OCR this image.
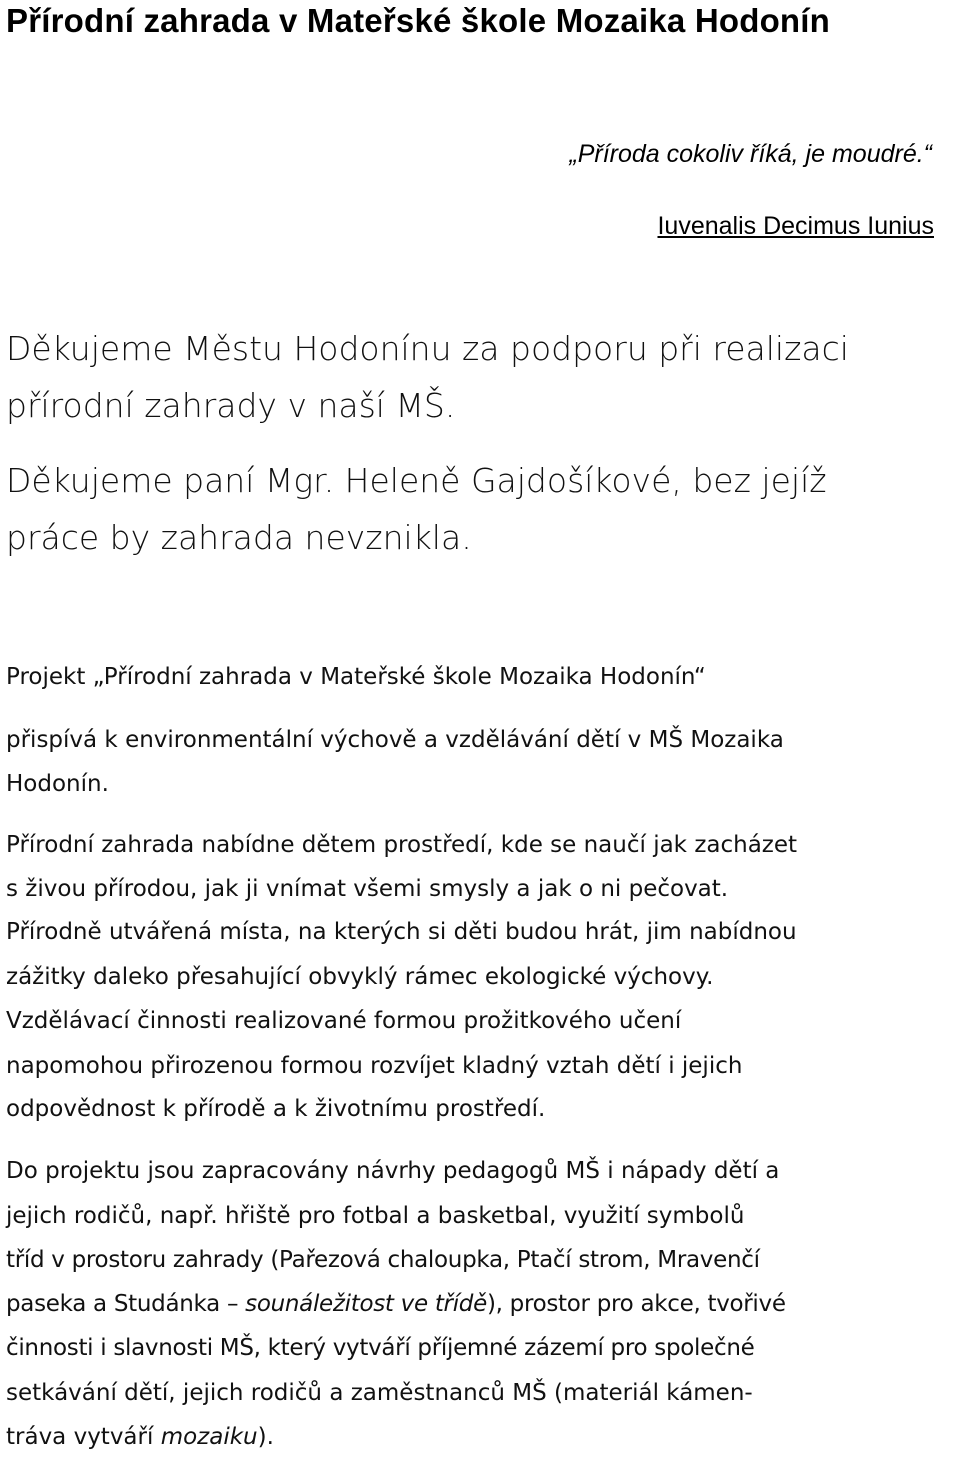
Přírodní zahrada v Mateřské škole Mozaika Hodonín

„Příroda cokoliv říká, je moudré.“

Iuvenalis Decimus Iunius

Děkujeme Městu Hodonínu za podporu při realizaci

přírodní zahrady v naší MŠ.

Děkujeme paní Mgr. Heleně Gajdošíkové, bez jejíž

práce by zahrada nevznikla.

Projekt „Přírodní zahrada v Mateřské škole Mozaika Hodonín“

přispívá k environmentální výchově a vzdělávání dětí v MŠ Mozaika

Hodonín.

Přírodní zahrada nabídne dětem prostředí, kde se naučí jak zacházet

s živou přírodou, jak ji vnímat všemi smysly a jak o ni pečovat.

Přírodně utvářená místa, na kterých si děti budou hrát, jim nabídnou

zážitky daleko přesahující obvyklý rámec ekologické výchovy.

Vzdělávací činnosti realizované formou prožitkového učení

napomohou přirozenou formou rozvíjet kladný vztah dětí i jejich

odpovědnost k přírodě a k životnímu prostředí.

Do projektu jsou zapracovány návrhy pedagogů MŠ i nápady dětí a

jejich rodičů, např. hřiště pro fotbal a basketbal, využití symbolů

tříd v prostoru zahrady (Pařezová chaloupka, Ptačí strom, Mravenčí

paseka a Studánka – sounáležitost ve třídě), prostor pro akce, tvořivé

činnosti i slavnosti MŠ, který vytváří příjemné zázemí pro společné

setkávání dětí, jejich rodičů a zaměstnanců MŠ (materiál kámen-

tráva vytváří mozaiku).
